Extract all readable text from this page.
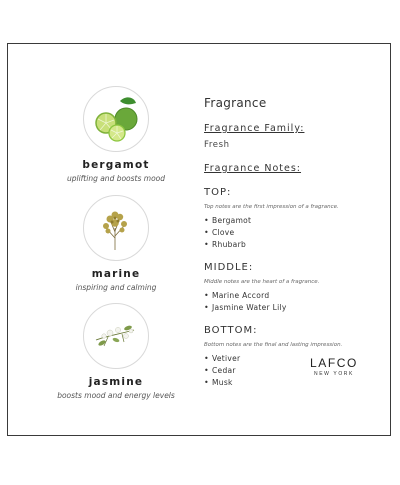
bergamot
uplifting and boosts mood
marine
inspiring and calming
jasmine
boosts mood and energy levels
Fragrance
Fragrance Family:
Fresh
Fragrance Notes:
TOP:
Top notes are the first impression of a fragrance.
• Bergamot
• Clove
• Rhubarb
MIDDLE:
Middle notes are the heart of a fragrance.
• Marine Accord
• Jasmine Water Lily
BOTTOM:
Bottom notes are the final and lasting impression.
• Vetiver
• Cedar
• Musk
LAFCO
NEW YORK
